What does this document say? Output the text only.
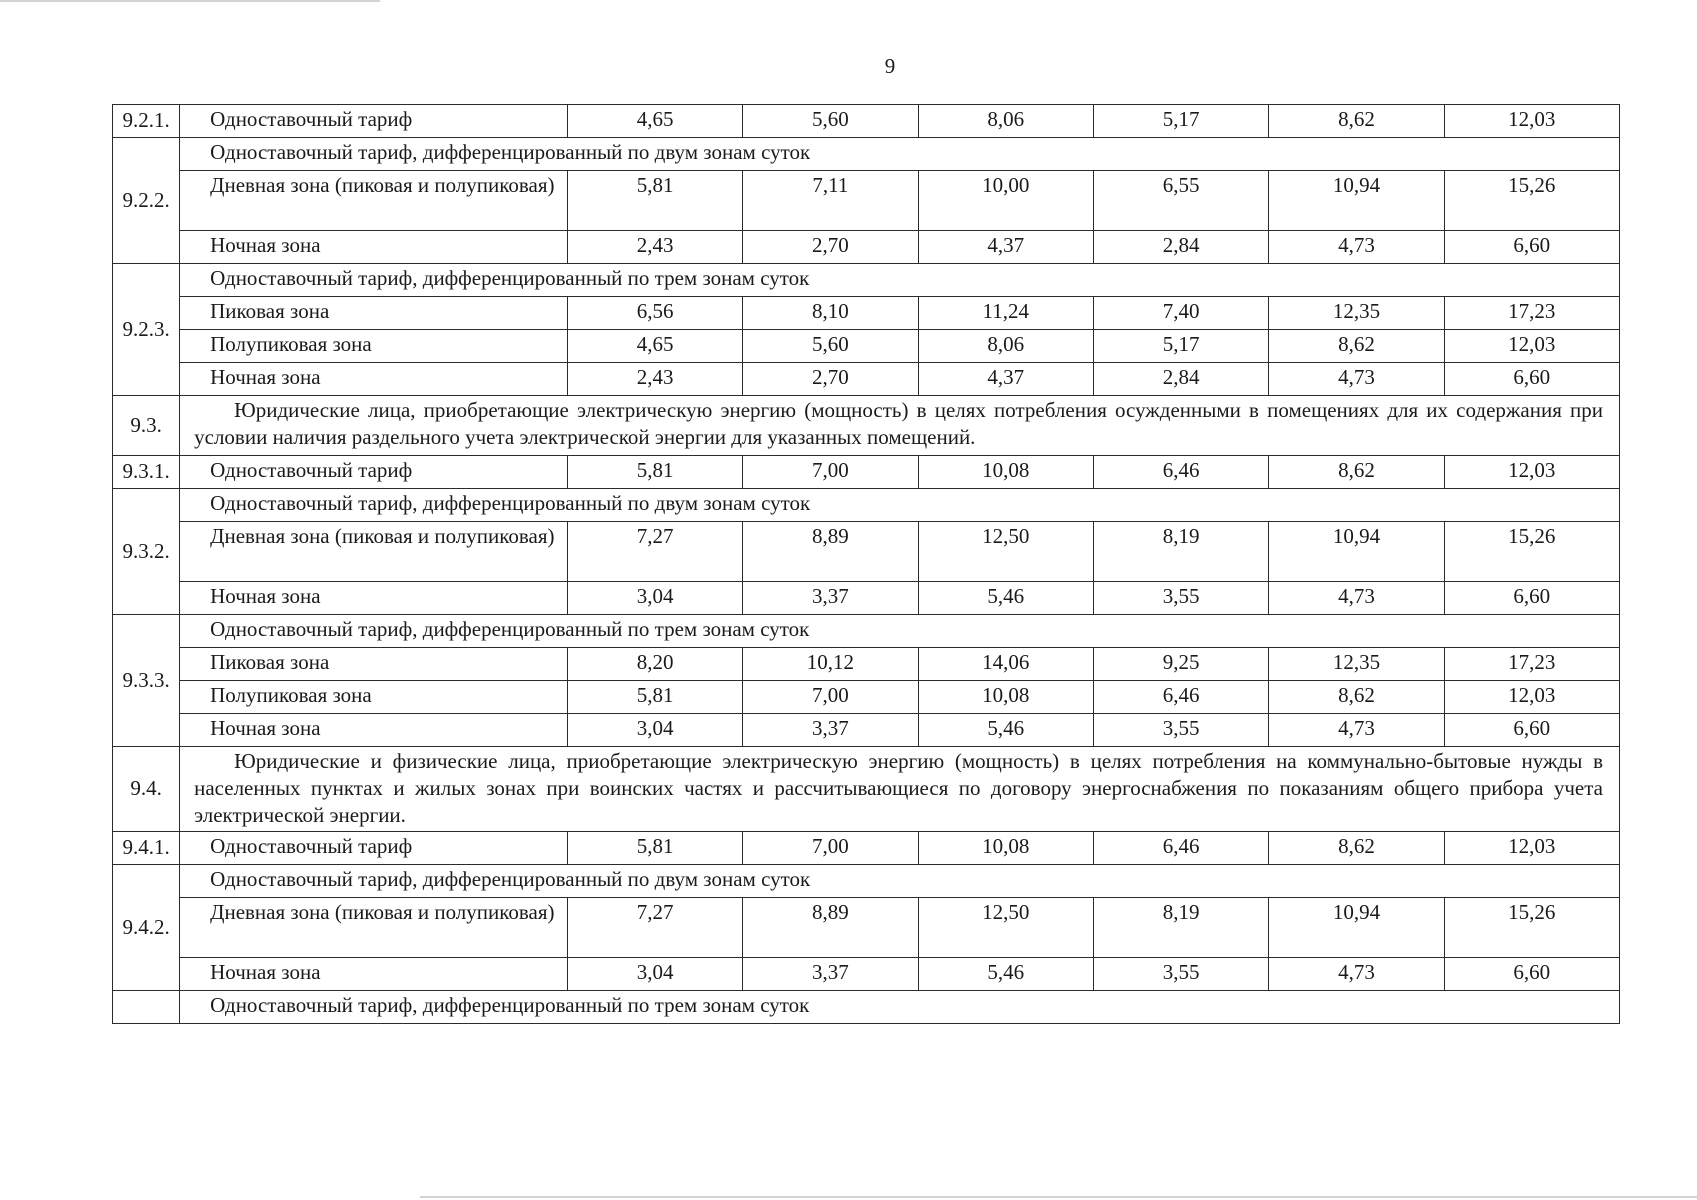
9
9.2.1.	Одноставочный тариф	4,65	5,60	8,06	5,17	8,62	12,03
9.2.2.	Одноставочный тариф, дифференцированный по двум зонам суток						
	Дневная зона (пиковая и полупиковая)	5,81	7,11	10,00	6,55	10,94	15,26
	Ночная зона	2,43	2,70	4,37	2,84	4,73	6,60
9.2.3.	Одноставочный тариф, дифференцированный по трем зонам суток						
	Пиковая зона	6,56	8,10	11,24	7,40	12,35	17,23
	Полупиковая зона	4,65	5,60	8,06	5,17	8,62	12,03
	Ночная зона	2,43	2,70	4,37	2,84	4,73	6,60
9.3.	Юридические лица, приобретающие электрическую энергию (мощность) в целях потребления осужденными в помещениях для их содержания при условии наличия раздельного учета электрической энергии для указанных помещений.						
9.3.1.	Одноставочный тариф	5,81	7,00	10,08	6,46	8,62	12,03
9.3.2.	Одноставочный тариф, дифференцированный по двум зонам суток						
	Дневная зона (пиковая и полупиковая)	7,27	8,89	12,50	8,19	10,94	15,26
	Ночная зона	3,04	3,37	5,46	3,55	4,73	6,60
9.3.3.	Одноставочный тариф, дифференцированный по трем зонам суток						
	Пиковая зона	8,20	10,12	14,06	9,25	12,35	17,23
	Полупиковая зона	5,81	7,00	10,08	6,46	8,62	12,03
	Ночная зона	3,04	3,37	5,46	3,55	4,73	6,60
9.4.	Юридические и физические лица, приобретающие электрическую энергию (мощность) в целях потребления на коммунально-бытовые нужды в населенных пунктах и жилых зонах при воинских частях и рассчитывающиеся по договору энергоснабжения по показаниям общего прибора учета электрической энергии.						
9.4.1.	Одноставочный тариф	5,81	7,00	10,08	6,46	8,62	12,03
9.4.2.	Одноставочный тариф, дифференцированный по двум зонам суток						
	Дневная зона (пиковая и полупиковая)	7,27	8,89	12,50	8,19	10,94	15,26
	Ночная зона	3,04	3,37	5,46	3,55	4,73	6,60
	Одноставочный тариф, дифференцированный по трем зонам суток						
